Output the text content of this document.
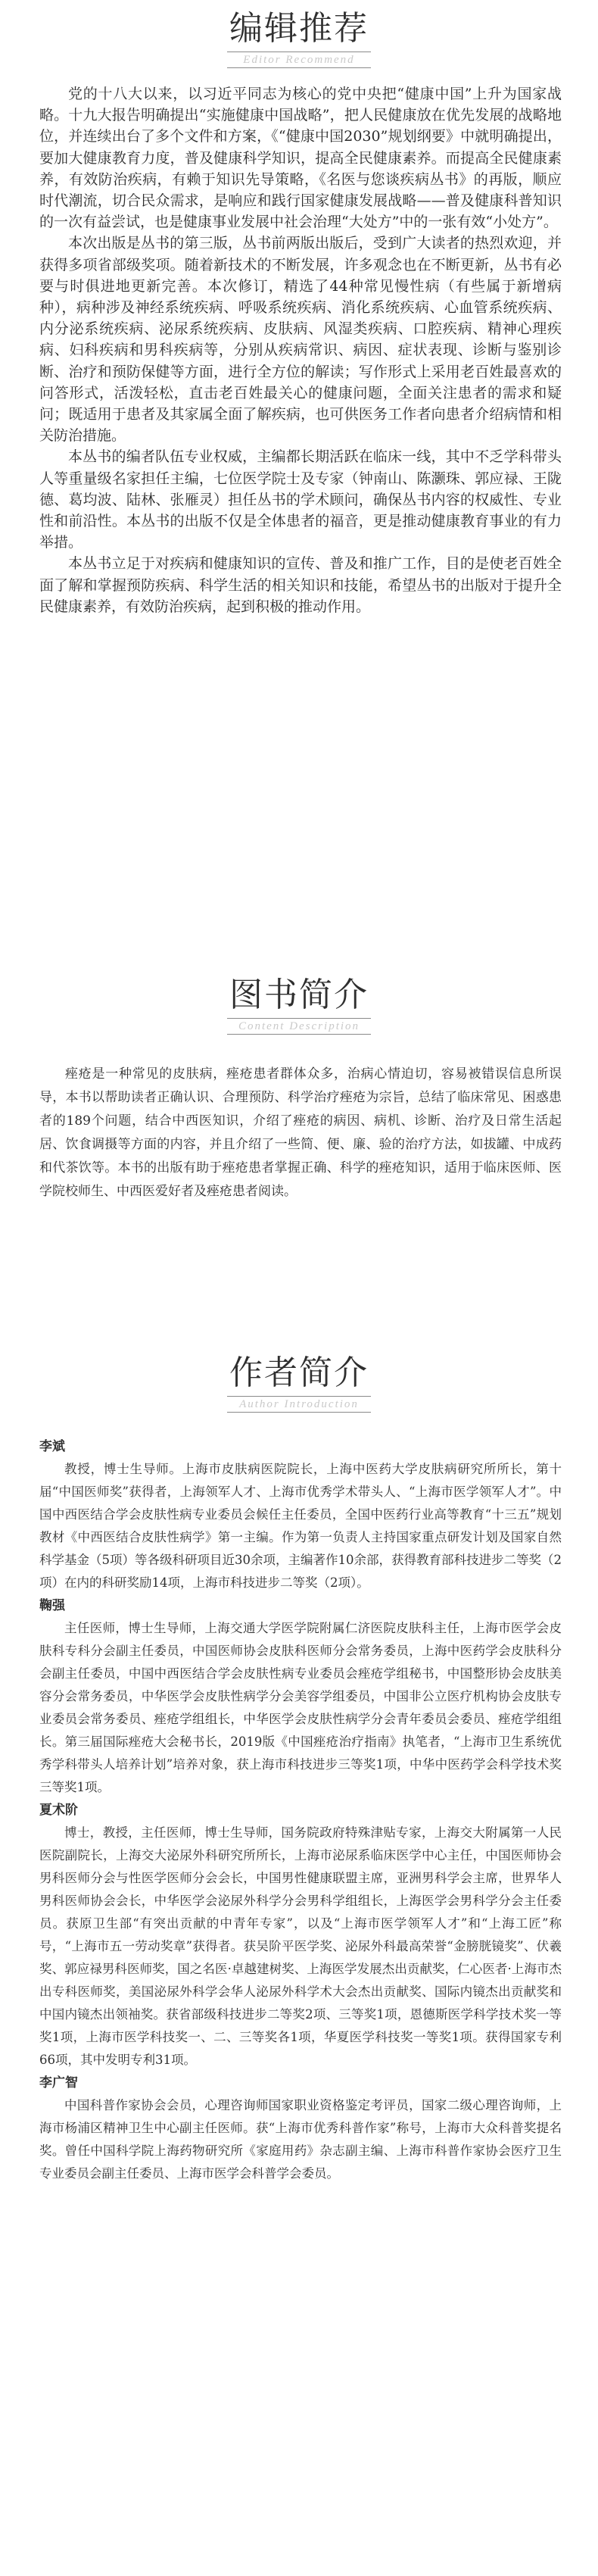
编辑推荐
Editor Recommend

党的十八大以来，以习近平同志为核心的党中央把“健康中国”上升为国家战略。十九大报告明确提出“实施健康中国战略”，把人民健康放在优先发展的战略地位，并连续出台了多个文件和方案，《“健康中国2030”规划纲要》中就明确提出，要加大健康教育力度，普及健康科学知识，提高全民健康素养。而提高全民健康素养，有效防治疾病，有赖于知识先导策略，《名医与您谈疾病丛书》的再版，顺应时代潮流，切合民众需求，是响应和践行国家健康发展战略——普及健康科普知识的一次有益尝试，也是健康事业发展中社会治理“大处方”中的一张有效“小处方”。

本次出版是丛书的第三版，丛书前两版出版后，受到广大读者的热烈欢迎，并获得多项省部级奖项。随着新技术的不断发展，许多观念也在不断更新，丛书有必要与时俱进地更新完善。本次修订，精选了44种常见慢性病（有些属于新增病种），病种涉及神经系统疾病、呼吸系统疾病、消化系统疾病、心血管系统疾病、内分泌系统疾病、泌尿系统疾病、皮肤病、风湿类疾病、口腔疾病、精神心理疾病、妇科疾病和男科疾病等，分别从疾病常识、病因、症状表现、诊断与鉴别诊断、治疗和预防保健等方面，进行全方位的解读；写作形式上采用老百姓最喜欢的问答形式，活泼轻松，直击老百姓最关心的健康问题，全面关注患者的需求和疑问；既适用于患者及其家属全面了解疾病，也可供医务工作者向患者介绍病情和相关防治措施。

本丛书的编者队伍专业权威，主编都长期活跃在临床一线，其中不乏学科带头人等重量级名家担任主编，七位医学院士及专家（钟南山、陈灏珠、郭应禄、王陇德、葛均波、陆林、张雁灵）担任丛书的学术顾问，确保丛书内容的权威性、专业性和前沿性。本丛书的出版不仅是全体患者的福音，更是推动健康教育事业的有力举措。

本丛书立足于对疾病和健康知识的宣传、普及和推广工作，目的是使老百姓全面了解和掌握预防疾病、科学生活的相关知识和技能，希望丛书的出版对于提升全民健康素养，有效防治疾病，起到积极的推动作用。

图书简介
Content Description

痤疮是一种常见的皮肤病，痤疮患者群体众多，治病心情迫切，容易被错误信息所误导，本书以帮助读者正确认识、合理预防、科学治疗痤疮为宗旨，总结了临床常见、困惑患者的189个问题，结合中西医知识，介绍了痤疮的病因、病机、诊断、治疗及日常生活起居、饮食调摄等方面的内容，并且介绍了一些简、便、廉、验的治疗方法，如拔罐、中成药和代茶饮等。本书的出版有助于痤疮患者掌握正确、科学的痤疮知识，适用于临床医师、医学院校师生、中西医爱好者及痤疮患者阅读。

作者简介
Author Introduction

李斌

教授，博士生导师。上海市皮肤病医院院长，上海中医药大学皮肤病研究所所长，第十届“中国医师奖”获得者，上海领军人才、上海市优秀学术带头人、“上海市医学领军人才”。中国中西医结合学会皮肤性病专业委员会候任主任委员，全国中医药行业高等教育“十三五”规划教材《中西医结合皮肤性病学》第一主编。作为第一负责人主持国家重点研发计划及国家自然科学基金（5项）等各级科研项目近30余项，主编著作10余部，获得教育部科技进步二等奖（2项）在内的科研奖励14项，上海市科技进步二等奖（2项）。

鞠强

主任医师，博士生导师，上海交通大学医学院附属仁济医院皮肤科主任，上海市医学会皮肤科专科分会副主任委员，中国医师协会皮肤科医师分会常务委员，上海中医药学会皮肤科分会副主任委员，中国中西医结合学会皮肤性病专业委员会痤疮学组秘书，中国整形协会皮肤美容分会常务委员，中华医学会皮肤性病学分会美容学组委员，中国非公立医疗机构协会皮肤专业委员会常务委员、痤疮学组组长，中华医学会皮肤性病学分会青年委员会委员、痤疮学组组长。第三届国际痤疮大会秘书长，2019版《中国痤疮治疗指南》执笔者，“上海市卫生系统优秀学科带头人培养计划”培养对象，获上海市科技进步三等奖1项，中华中医药学会科学技术奖三等奖1项。

夏术阶

博士，教授，主任医师，博士生导师，国务院政府特殊津贴专家，上海交大附属第一人民医院副院长，上海交大泌尿外科研究所所长，上海市泌尿系临床医学中心主任，中国医师协会男科医师分会与性医学医师分会会长，中国男性健康联盟主席，亚洲男科学会主席，世界华人男科医师协会会长，中华医学会泌尿外科学分会男科学组组长，上海医学会男科学分会主任委员。获原卫生部“有突出贡献的中青年专家”，以及“上海市医学领军人才”和“上海工匠”称号，“上海市五一劳动奖章”获得者。获吴阶平医学奖、泌尿外科最高荣誉“金膀胱镜奖”、伏羲奖、郭应禄男科医师奖，国之名医·卓越建树奖、上海医学发展杰出贡献奖，仁心医者·上海市杰出专科医师奖，美国泌尿外科学会华人泌尿外科学术大会杰出贡献奖、国际内镜杰出贡献奖和中国内镜杰出领袖奖。获省部级科技进步二等奖2项、三等奖1项，恩德斯医学科学技术奖一等奖1项，上海市医学科技奖一、二、三等奖各1项，华夏医学科技奖一等奖1项。获得国家专利66项，其中发明专利31项。

李广智

中国科普作家协会会员，心理咨询师国家职业资格鉴定考评员，国家二级心理咨询师，上海市杨浦区精神卫生中心副主任医师。获“上海市优秀科普作家”称号，上海市大众科普奖提名奖。曾任中国科学院上海药物研究所《家庭用药》杂志副主编、上海市科普作家协会医疗卫生专业委员会副主任委员、上海市医学会科普学会委员。
